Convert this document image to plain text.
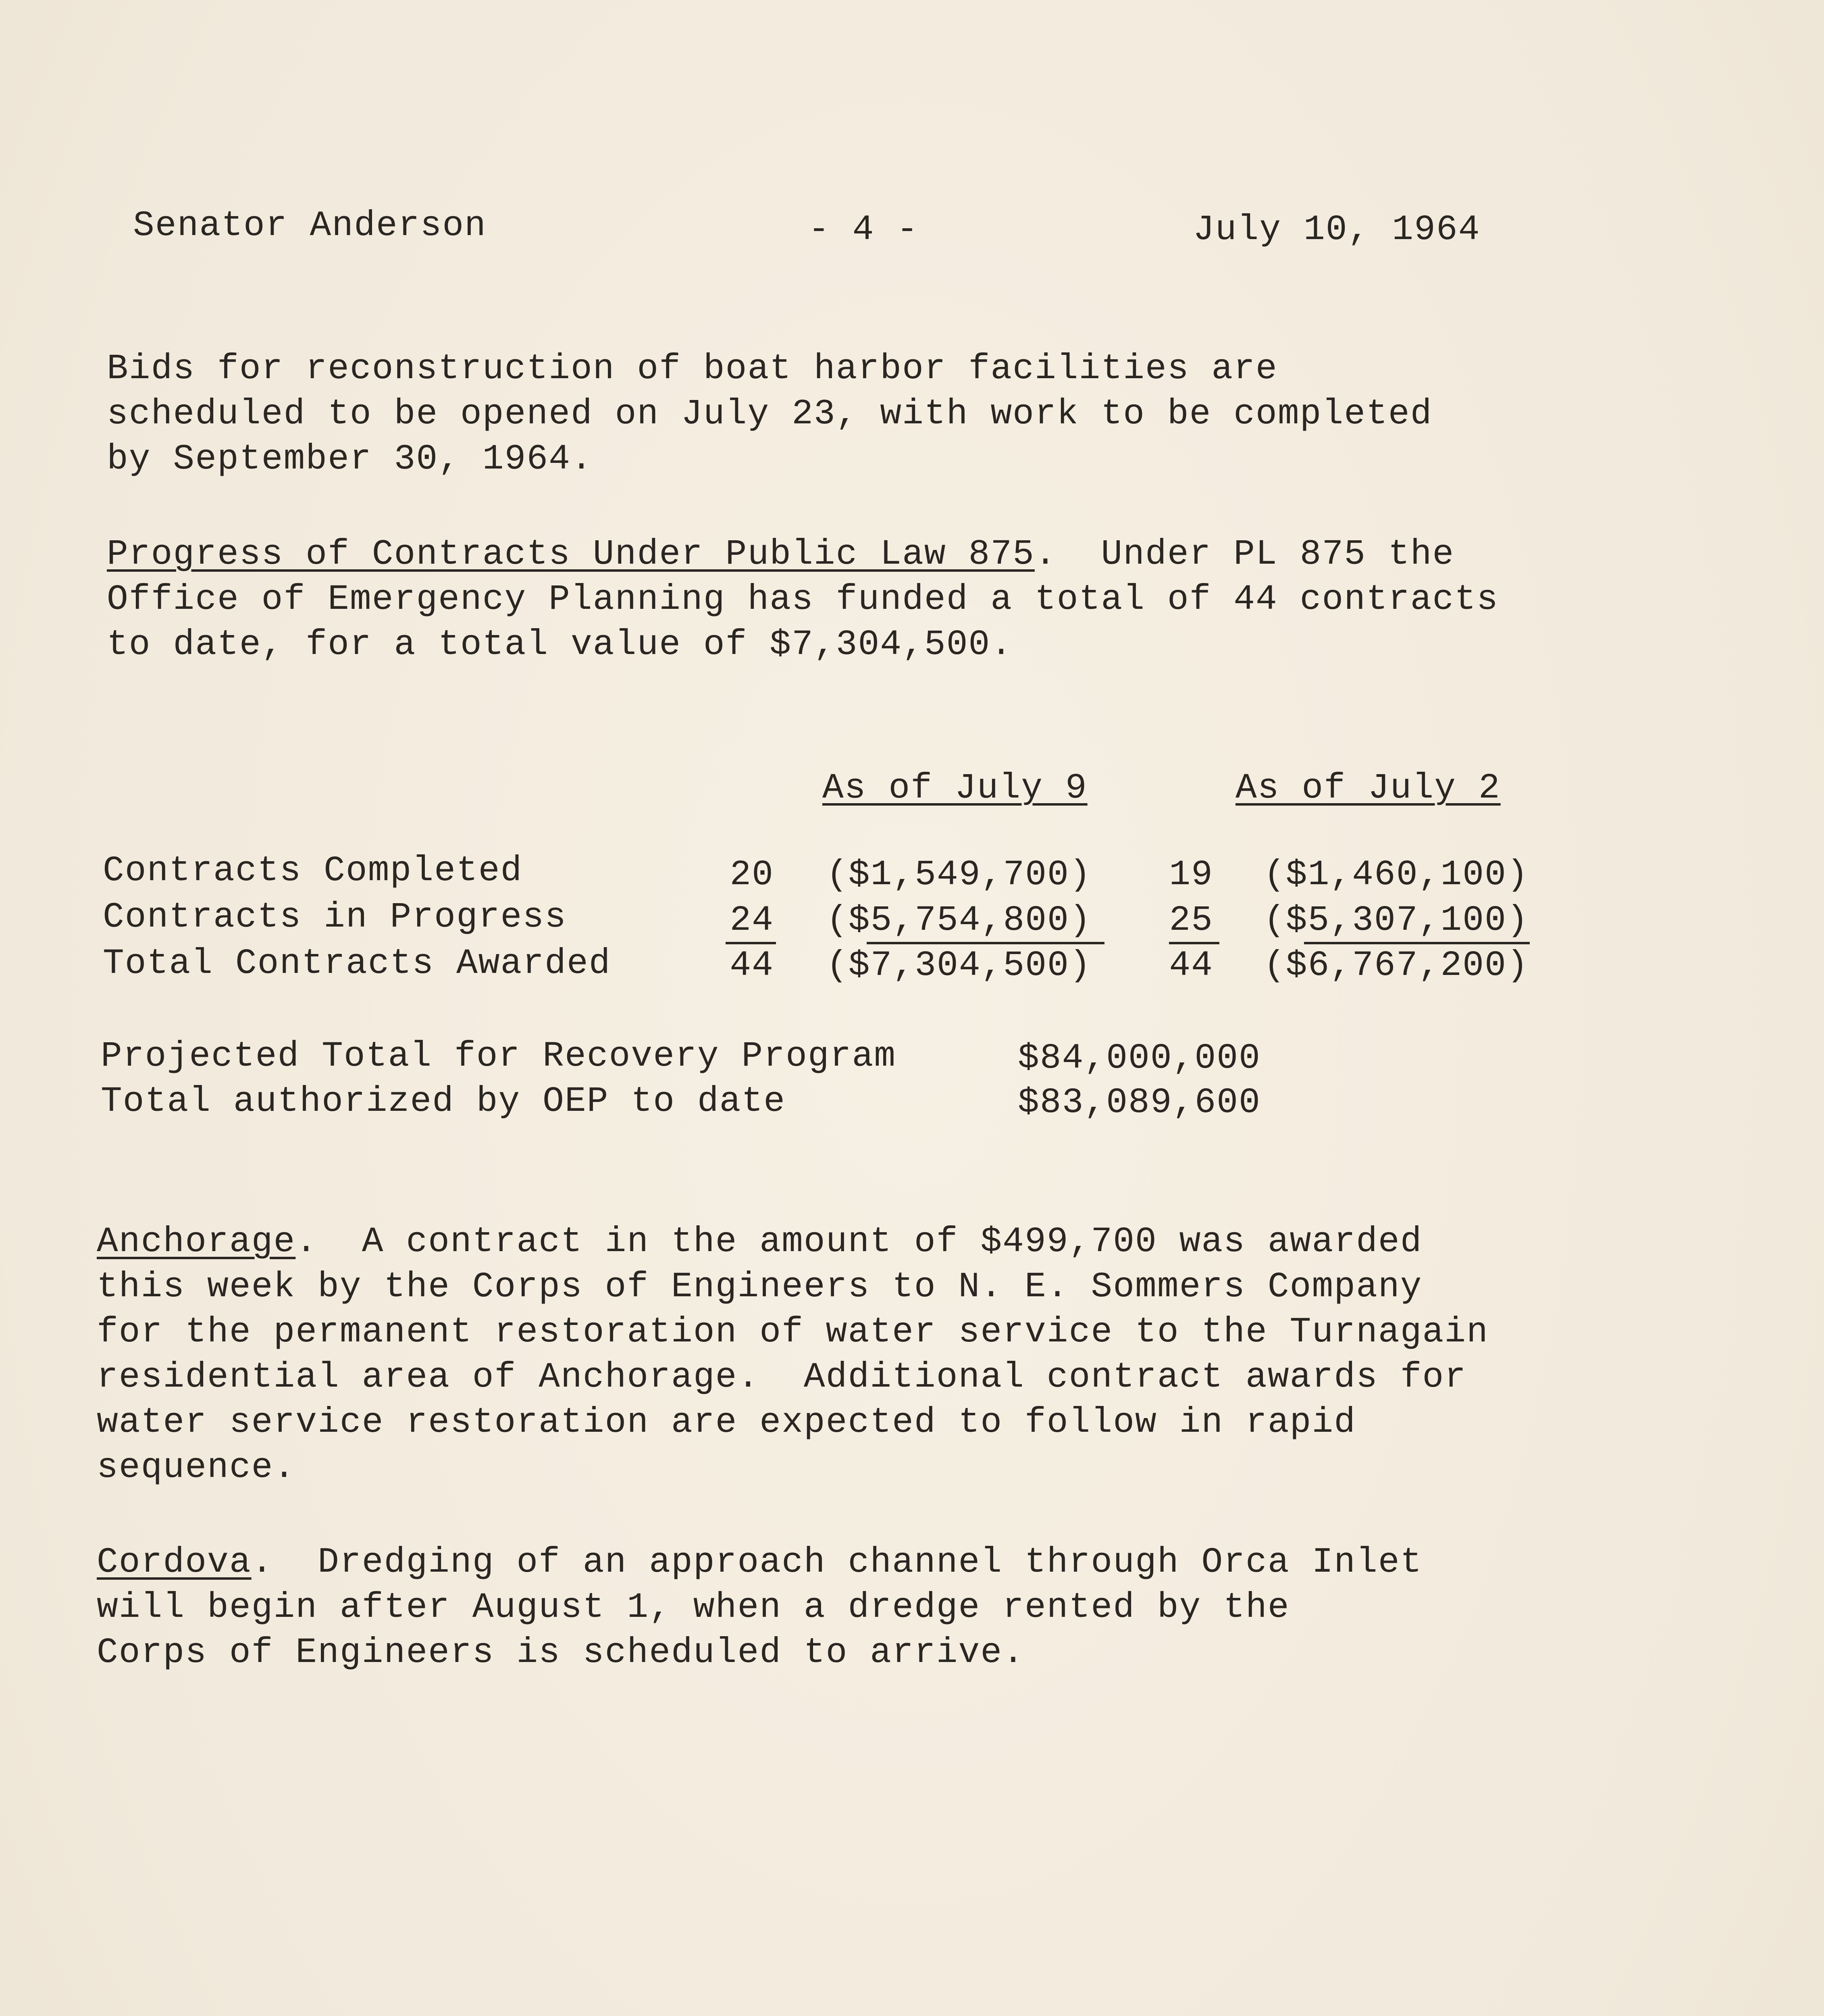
Senator Anderson	- 4 -	July 10, 1964
Bids for reconstruction of boat harbor facilities are
scheduled to be opened on July 23, with work to be completed
by September 30, 1964.
Progress of Contracts Under Public Law 875.  Under PL 875 the
Office of Emergency Planning has funded a total of 44 contracts
to date, for a total value of $7,304,500.
As of July 9	As of July 2
Contracts Completed	20 ($1,549,700)	19 ($1,460,100)
Contracts in Progress	24 ($5,754,800)	25 ($5,307,100)
Total Contracts Awarded	44 ($7,304,500)	44 ($6,767,200)
Projected Total for Recovery Program	$84,000,000
Total authorized by OEP to date	$83,089,600
Anchorage.  A contract in the amount of $499,700 was awarded
this week by the Corps of Engineers to N. E. Sommers Company
for the permanent restoration of water service to the Turnagain
residential area of Anchorage.  Additional contract awards for
water service restoration are expected to follow in rapid
sequence.
Cordova.  Dredging of an approach channel through Orca Inlet
will begin after August 1, when a dredge rented by the
Corps of Engineers is scheduled to arrive.
